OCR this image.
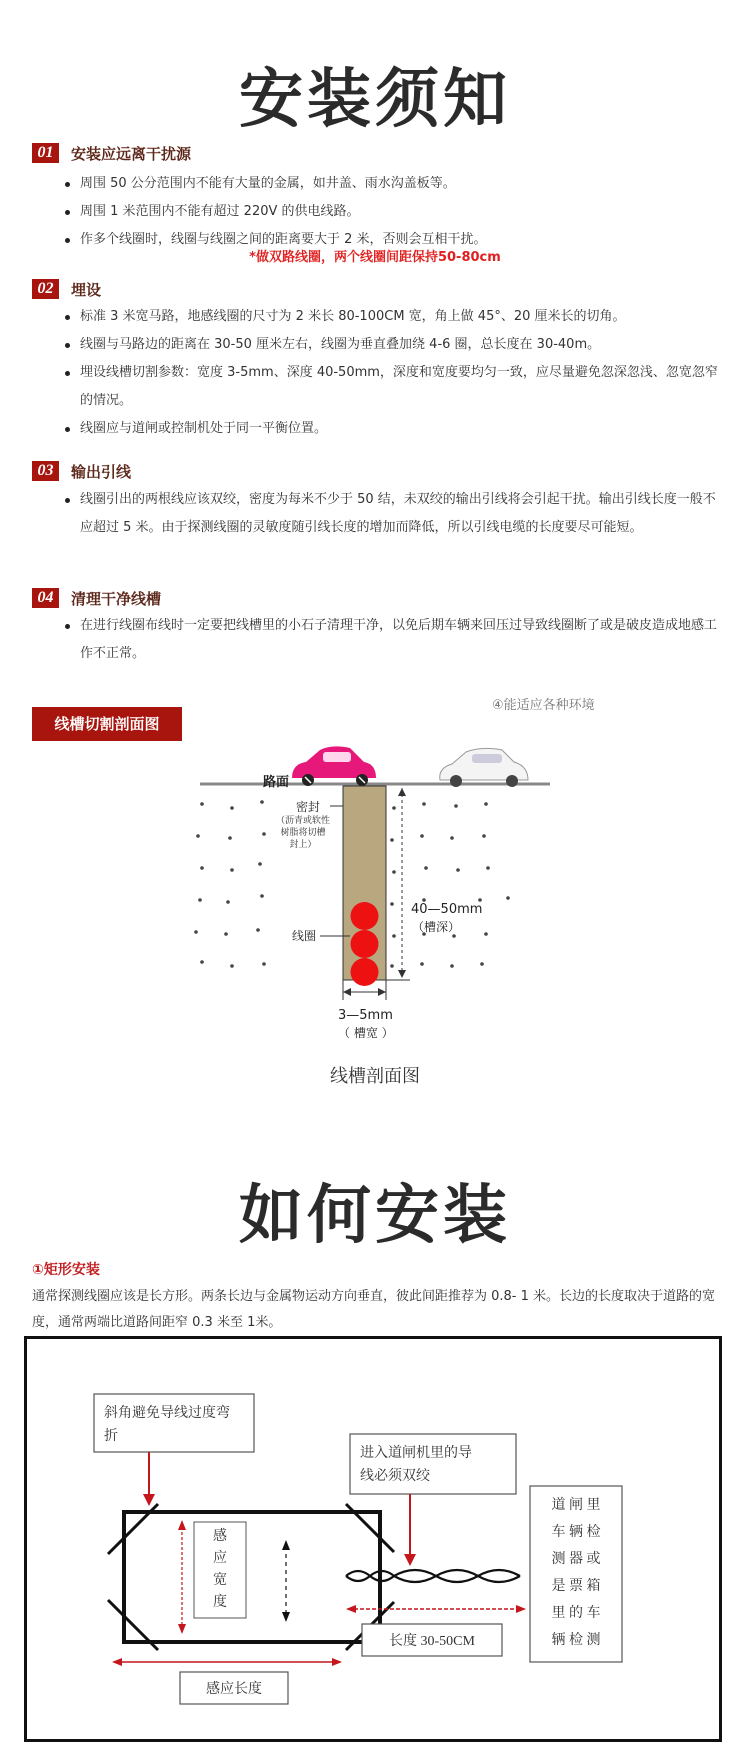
安装须知
01	安装应远离干扰源
周围 50 公分范围内不能有大量的金属，如井盖、雨水沟盖板等。
周围 1 米范围内不能有超过 220V 的供电线路。
作多个线圈时，线圈与线圈之间的距离要大于 2 米，否则会互相干扰。
*做双路线圈，两个线圈间距保持50-80cm
02	埋设
标准 3 米宽马路，地感线圈的尺寸为 2 米长 80-100CM 宽，角上做 45°、20 厘米长的切角。
线圈与马路边的距离在 30-50 厘米左右，线圈为垂直叠加绕 4-6 圈，总长度在 30-40m。
埋设线槽切割参数：宽度 3-5mm、深度 40-50mm，深度和宽度要均匀一致，应尽量避免忽深忽浅、忽宽忽窄的情况。
线圈应与道闸或控制机处于同一平衡位置。
03	输出引线
线圈引出的两根线应该双绞，密度为每米不少于 50 结，未双绞的输出引线将会引起干扰。输出引线长度一般不应超过 5 米。由于探测线圈的灵敏度随引线长度的增加而降低，所以引线电缆的长度要尽可能短。
04	清理干净线槽
在进行线圈布线时一定要把线槽里的小石子清理干净，以免后期车辆来回压过导致线圈断了或是破皮造成地感工作不正常。
线槽切割剖面图
④能适应各种环境
路面
密封
（沥青或软性
树脂将切槽
封上）
线圈
40—50mm
（槽深）
3—5mm
（ 槽宽 ）
线槽剖面图
如何安装
①矩形安装
通常探测线圈应该是长方形。两条长边与金属物运动方向垂直，彼此间距推荐为 0.8- 1 米。长边的长度取决于道路的宽度，通常两端比道路间距窄 0.3 米至 1米。
斜角避免导线过度弯
折
进入道闸机里的导
线必须双绞
感
应
宽
度
道 闸 里
车 辆 检
测 器 或
是 票 箱
里 的 车
辆 检 测
长度 30-50CM
感应长度
